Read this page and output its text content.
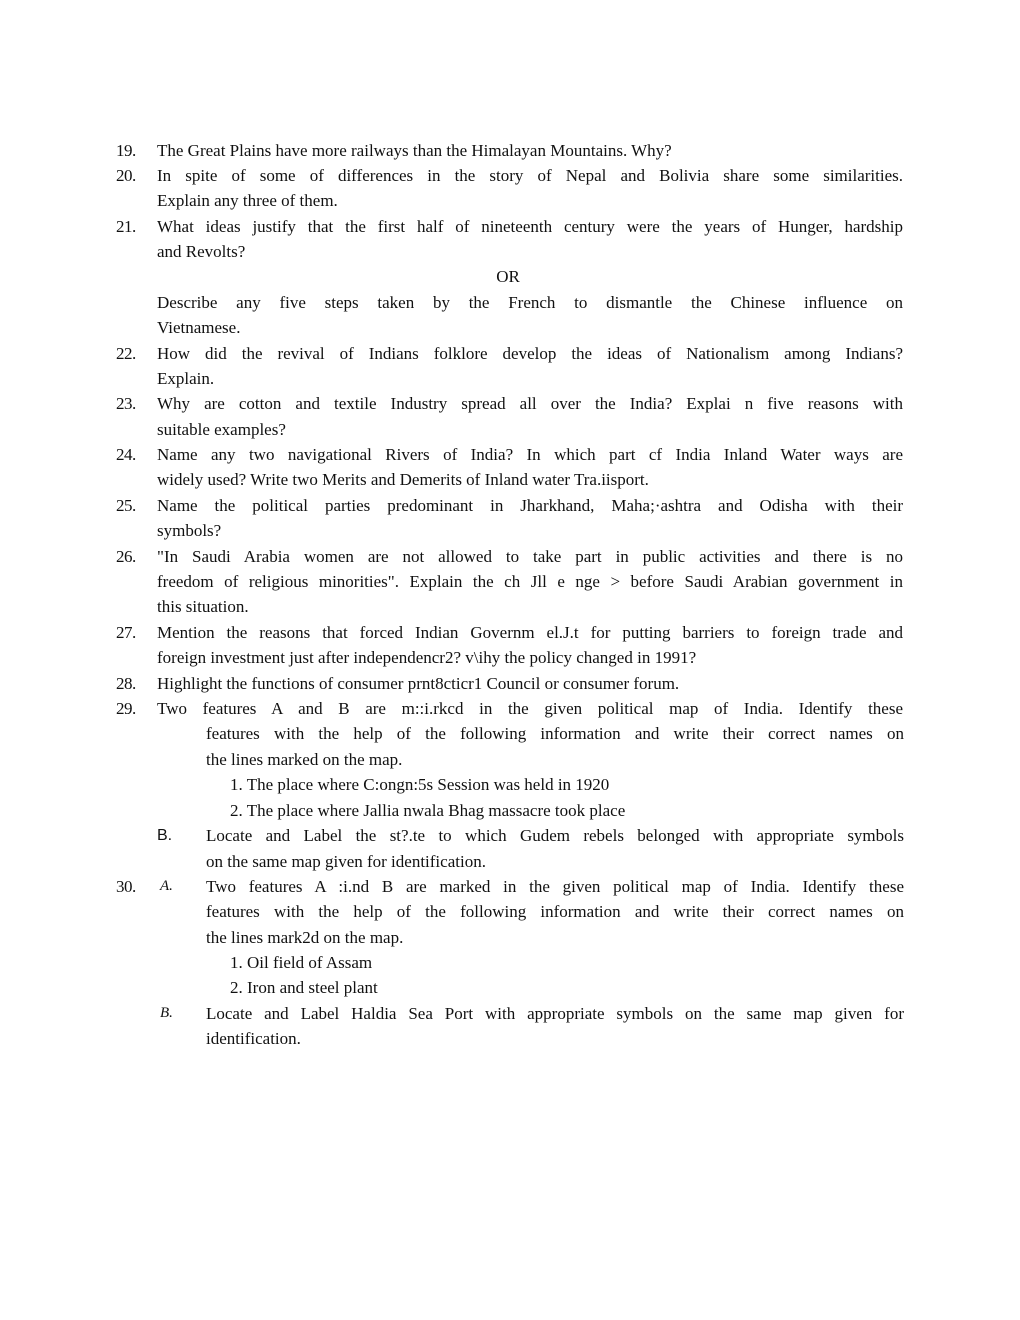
19. The Great Plains have more railways than the Himalayan Mountains. Why?
20. In spite of some of differences in the story of Nepal and Bolivia share some similarities.
Explain any three of them.
21. What ideas justify that the first half of nineteenth century were the years of Hunger, hardship
and Revolts?
OR
Describe any five steps taken by the French to dismantle the Chinese influence on
Vietnamese.
22. How did the revival of Indians folklore develop the ideas of Nationalism among Indians?
Explain.
23. Why are cotton and textile Industry spread all over the India? Explai n five reasons with
suitable examples?
24. Name any two navigational Rivers of India? In which part cf India Inland Water ways are
widely used? Write two Merits and Demerits of Inland water Tra.iisport.
25. Name the political parties predominant in Jharkhand, Maha;·ashtra and Odisha with their
symbols?
26. "In Saudi Arabia women are not allowed to take part in public activities and there is no
freedom of religious minorities". Explain the ch Jll e nge > before Saudi Arabian government in
this situation.
27. Mention the reasons that forced Indian Governm el.J.t for putting barriers to foreign trade and
foreign investment just after independencr2? v\ihy the policy changed in 1991?
28. Highlight the functions of consumer prnt8cticr1 Council or consumer forum.
29. Two features A and B are m::i.rkcd in the given political map of India. Identify these
features with the help of the following information and write their correct names on
the lines marked on the map.
1. The place where C:ongn:5s Session was held in 1920
2. The place where Jallia nwala Bhag massacre took place
B. Locate and Label the st?.te to which Gudem rebels belonged with appropriate symbols
on the same map given for identification.
30. A. Two features A :i.nd B are marked in the given political map of India. Identify these
features with the help of the following information and write their correct names on
the lines mark2d on the map.
1. Oil field of Assam
2. Iron and steel plant
B. Locate and Label Haldia Sea Port with appropriate symbols on the same map given for
identification.
